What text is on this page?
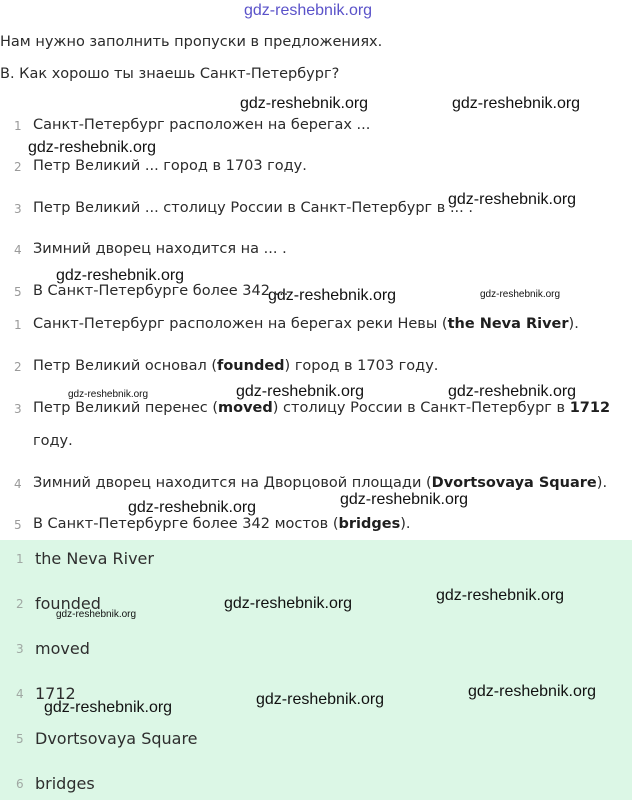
gdz-reshebnik.org
Нам нужно заполнить пропуски в предложениях.
B. Как хорошо ты знаешь Санкт-Петербург?
1 Санкт-Петербург расположен на берегах ...
2 Петр Великий ... город в 1703 году.
3 Петр Великий ... столицу России в Санкт-Петербург в ... .
4 Зимний дворец находится на ... .
5 В Санкт-Петербурге более 342 ...
1 Санкт-Петербург расположен на берегах реки Невы (the Neva River).
2 Петр Великий основал (founded) город в 1703 году.
3 Петр Великий перенес (moved) столицу России в Санкт-Петербург в 1712
году.
4 Зимний дворец находится на Дворцовой площади (Dvortsovaya Square).
5 В Санкт-Петербурге более 342 мостов (bridges).
1 the Neva River
2 founded
3 moved
4 1712
5 Dvortsovaya Square
6 bridges
gdz-reshebnik.org	gdz-reshebnik.org
gdz-reshebnik.org
gdz-reshebnik.org
gdz-reshebnik.org
gdz-reshebnik.org	gdz-reshebnik.org
gdz-reshebnik.org	gdz-reshebnik.org	gdz-reshebnik.org
gdz-reshebnik.org
gdz-reshebnik.org
gdz-reshebnik.org
gdz-reshebnik.org
gdz-reshebnik.org
gdz-reshebnik.org
gdz-reshebnik.org
gdz-reshebnik.org
